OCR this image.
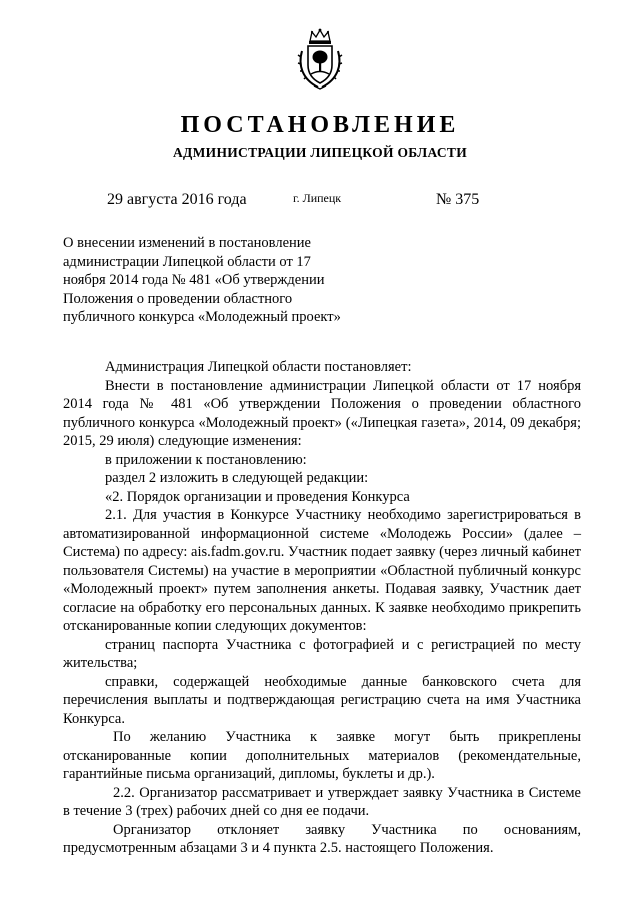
ПОСТАНОВЛЕНИЕ
АДМИНИСТРАЦИИ ЛИПЕЦКОЙ ОБЛАСТИ
29 августа 2016 года	г. Липецк	№ 375

О внесении изменений в постановление администрации Липецкой области от 17 ноября 2014 года № 481 «Об утверждении Положения о проведении областного публичного конкурса «Молодежный проект»

Администрация Липецкой области постановляет:

Внести в постановление администрации Липецкой области от 17 ноября 2014 года № 481 «Об утверждении Положения о проведении областного публичного конкурса «Молодежный проект» («Липецкая газета», 2014, 09 декабря; 2015, 29 июля) следующие изменения:

в приложении к постановлению:

раздел 2 изложить в следующей редакции:

«2. Порядок организации и проведения Конкурса

2.1. Для участия в Конкурсе Участнику необходимо зарегистрироваться в автоматизированной информационной системе «Молодежь России» (далее – Система) по адресу: ais.fadm.gov.ru. Участник подает заявку (через личный кабинет пользователя Системы) на участие в мероприятии «Областной публичный конкурс «Молодежный проект» путем заполнения анкеты. Подавая заявку, Участник дает согласие на обработку его персональных данных. К заявке необходимо прикрепить отсканированные копии следующих документов:

страниц паспорта Участника с фотографией и с регистрацией по месту жительства;

справки, содержащей необходимые данные банковского счета для перечисления выплаты и подтверждающая регистрацию счета на имя Участника Конкурса.

По желанию Участника к заявке могут быть прикреплены отсканированные копии дополнительных материалов (рекомендательные, гарантийные письма организаций, дипломы, буклеты и др.).

2.2. Организатор рассматривает и утверждает заявку Участника в Системе в течение 3 (трех) рабочих дней со дня ее подачи.

Организатор отклоняет заявку Участника по основаниям, предусмотренным абзацами 3 и 4 пункта 2.5. настоящего Положения.
